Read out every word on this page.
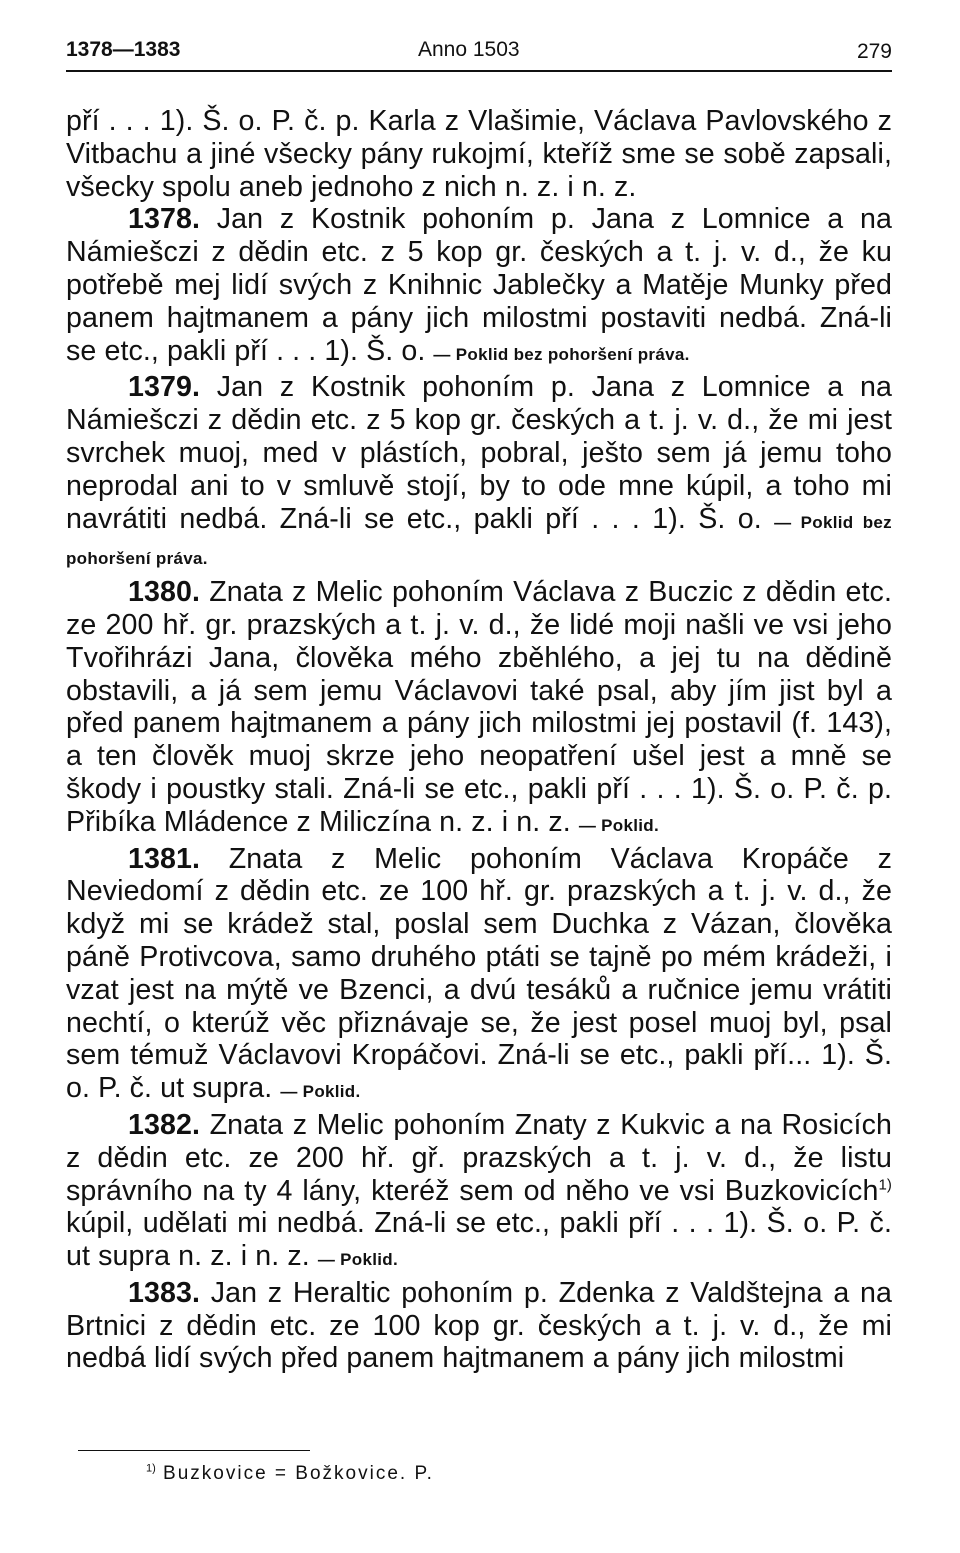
1378—1383	Anno 1503	279

pří . . . 1). Š. o. P. č. p. Karla z Vlašimie, Václava Pavlovského z Vitbachu a jiné všecky pány rukojmí, kteříž sme se sobě zapsali, všecky spolu aneb jednoho z nich n. z. i n. z.

1378. Jan z Kostnik pohoním p. Jana z Lomnice a na Námiešczi z dědin etc. z 5 kop gr. českých a t. j. v. d., že ku potřebě mej lidí svých z Knihnic Jablečky a Matěje Munky před panem hajtmanem a pány jich milostmi postaviti nedbá. Zná-li se etc., pakli pří . . . 1). Š. o. — Poklid bez pohoršení práva.

1379. Jan z Kostnik pohoním p. Jana z Lomnice a na Námiešczi z dědin etc. z 5 kop gr. českých a t. j. v. d., že mi jest svrchek muoj, med v plástích, pobral, ješto sem já jemu toho neprodal ani to v smluvě stojí, by to ode mne kúpil, a toho mi navrátiti nedbá. Zná-li se etc., pakli pří . . . 1). Š. o. — Poklid bez pohoršení práva.

1380. Znata z Melic pohoním Václava z Buczic z dědin etc. ze 200 hř. gr. prazských a t. j. v. d., že lidé moji našli ve vsi jeho Tvořihrázi Jana, člověka mého zběhlého, a jej tu na dědině obstavili, a já sem jemu Václavovi také psal, aby jím jist byl a před panem hajtmanem a pány jich milostmi jej postavil (f. 143), a ten člověk muoj skrze jeho neopatření ušel jest a mně se škody i poustky stali. Zná-li se etc., pakli pří . . . 1). Š. o. P. č. p. Přibíka Mládence z Miliczína n. z. i n. z. — Poklid.

1381. Znata z Melic pohoním Václava Kropáče z Neviedomí z dědin etc. ze 100 hř. gr. prazských a t. j. v. d., že když mi se krádež stal, poslal sem Duchka z Vázan, člověka páně Protivcova, samo druhého ptáti se tajně po mém krádeži, i vzat jest na mýtě ve Bzenci, a dvú tesáků a ručnice jemu vrátiti nechtí, o kterúž věc přiznávaje se, že jest posel muoj byl, psal sem témuž Václavovi Kropáčovi. Zná-li se etc., pakli pří... 1). Š. o. P. č. ut supra. — Poklid.

1382. Znata z Melic pohoním Znaty z Kukvic a na Rosicích z dědin etc. ze 200 hř. gř. prazských a t. j. v. d., že listu správního na ty 4 lány, kteréž sem od něho ve vsi Buzkovicích$^{1)}$ kúpil, udělati mi nedbá. Zná-li se etc., pakli pří . . . 1). Š. o. P. č. ut supra n. z. i n. z. — Poklid.

1383. Jan z Heraltic pohoním p. Zdenka z Valdštejna a na Brtnici z dědin etc. ze 100 kop gr. českých a t. j. v. d., že mi nedbá lidí svých před panem hajtmanem a pány jich milostmi

$^{1)}$ Buzkovice = Božkovice. P.
